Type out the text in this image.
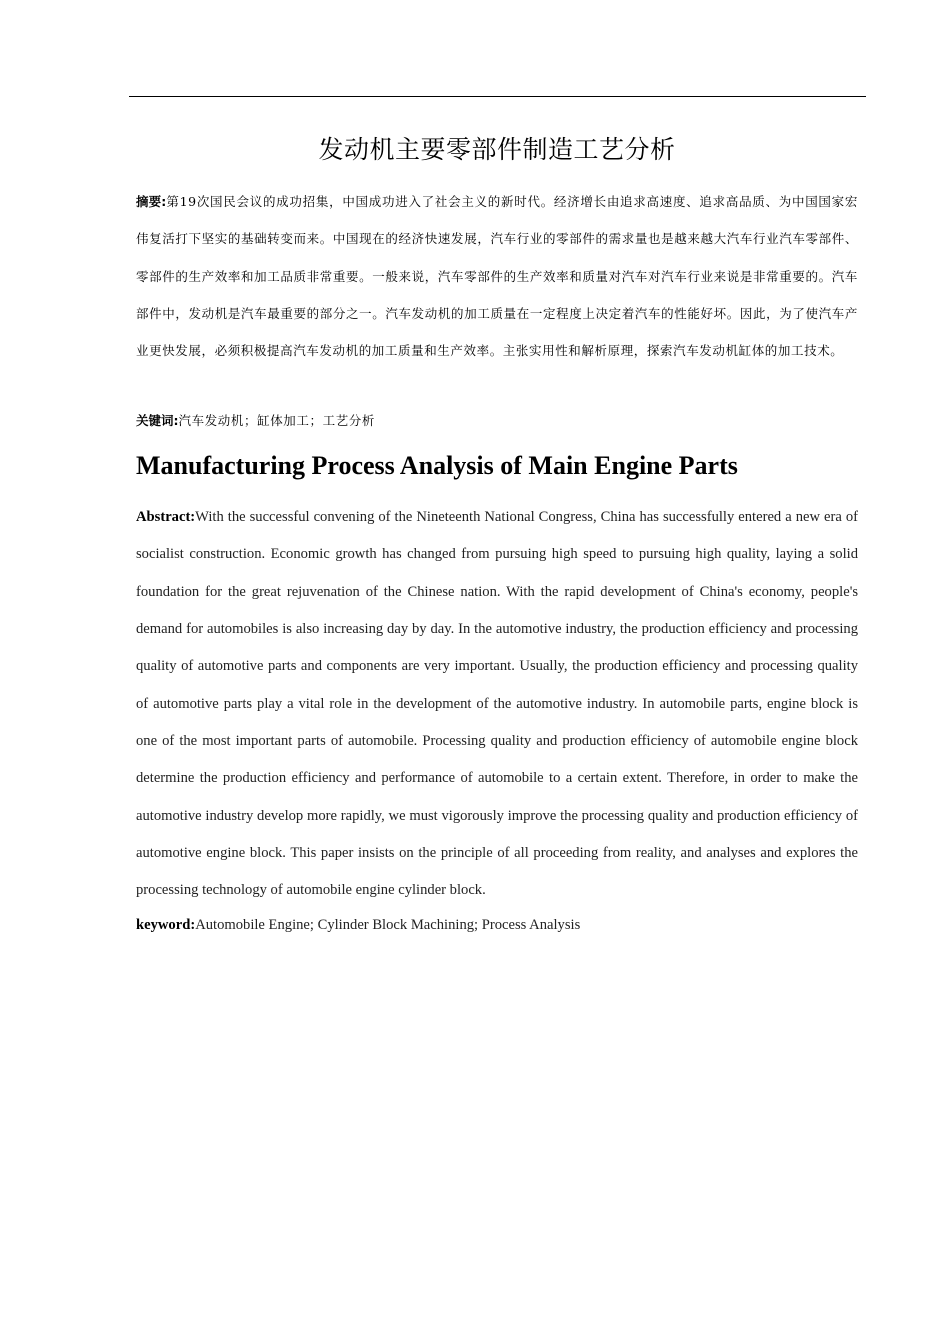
发动机主要零部件制造工艺分析

摘要:第19次国民会议的成功招集，中国成功进入了社会主义的新时代。经济增长由追求高速度、追求高品质、为中国国家宏伟复活打下坚实的基础转变而来。中国现在的经济快速发展，汽车行业的零部件的需求量也是越来越大汽车行业汽车零部件、零部件的生产效率和加工品质非常重要。一般来说，汽车零部件的生产效率和质量对汽车对汽车行业来说是非常重要的。汽车部件中，发动机是汽车最重要的部分之一。汽车发动机的加工质量在一定程度上决定着汽车的性能好坏。因此，为了使汽车产业更快发展，必须积极提高汽车发动机的加工质量和生产效率。主张实用性和解析原理，探索汽车发动机缸体的加工技术。

关键词:汽车发动机；缸体加工；工艺分析

Manufacturing Process Analysis of Main Engine Parts

Abstract:With the successful convening of the Nineteenth National Congress, China has successfully entered a new era of socialist construction. Economic growth has changed from pursuing high speed to pursuing high quality, laying a solid foundation for the great rejuvenation of the Chinese nation. With the rapid development of China's economy, people's demand for automobiles is also increasing day by day. In the automotive industry, the production efficiency and processing quality of automotive parts and components are very important. Usually, the production efficiency and processing quality of automotive parts play a vital role in the development of the automotive industry. In automobile parts, engine block is one of the most important parts of automobile. Processing quality and production efficiency of automobile engine block determine the production efficiency and performance of automobile to a certain extent. Therefore, in order to make the automotive industry develop more rapidly, we must vigorously improve the processing quality and production efficiency of automotive engine block. This paper insists on the principle of all proceeding from reality, and analyses and explores the processing technology of automobile engine cylinder block.

keyword:Automobile Engine; Cylinder Block Machining; Process Analysis
